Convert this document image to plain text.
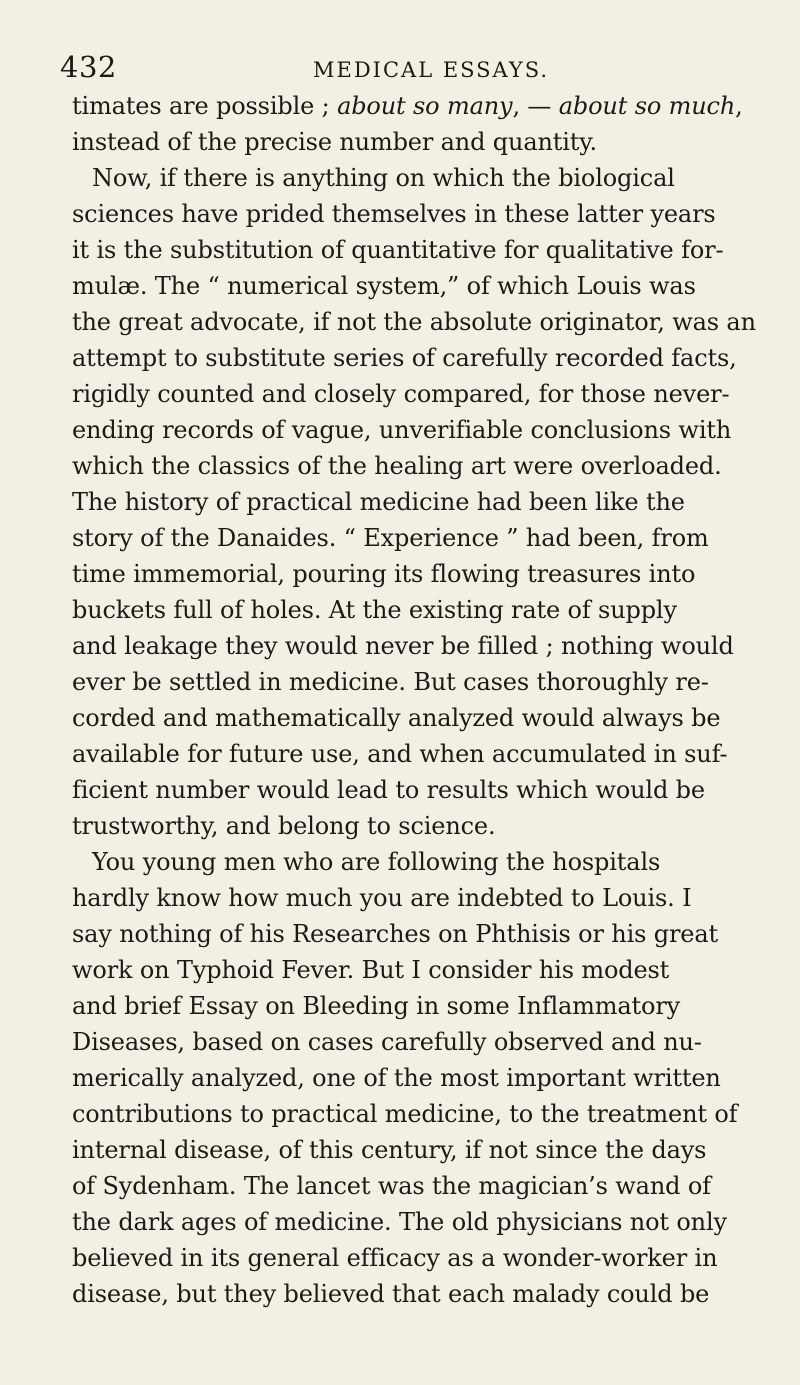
432	MEDICAL ESSAYS.
timates are possible ; about so many, — about so much,
instead of the precise number and quantity.
Now, if there is anything on which the biological
sciences have prided themselves in these latter years
it is the substitution of quantitative for qualitative for-
mulæ. The “ numerical system,” of which Louis was
the great advocate, if not the absolute originator, was an
attempt to substitute series of carefully recorded facts,
rigidly counted and closely compared, for those never-
ending records of vague, unverifiable conclusions with
which the classics of the healing art were overloaded.
The history of practical medicine had been like the
story of the Danaides. “ Experience ” had been, from
time immemorial, pouring its flowing treasures into
buckets full of holes. At the existing rate of supply
and leakage they would never be filled ; nothing would
ever be settled in medicine. But cases thoroughly re-
corded and mathematically analyzed would always be
available for future use, and when accumulated in suf-
ficient number would lead to results which would be
trustworthy, and belong to science.
You young men who are following the hospitals
hardly know how much you are indebted to Louis. I
say nothing of his Researches on Phthisis or his great
work on Typhoid Fever. But I consider his modest
and brief Essay on Bleeding in some Inflammatory
Diseases, based on cases carefully observed and nu-
merically analyzed, one of the most important written
contributions to practical medicine, to the treatment of
internal disease, of this century, if not since the days
of Sydenham. The lancet was the magician’s wand of
the dark ages of medicine. The old physicians not only
believed in its general efficacy as a wonder-worker in
disease, but they believed that each malady could be
